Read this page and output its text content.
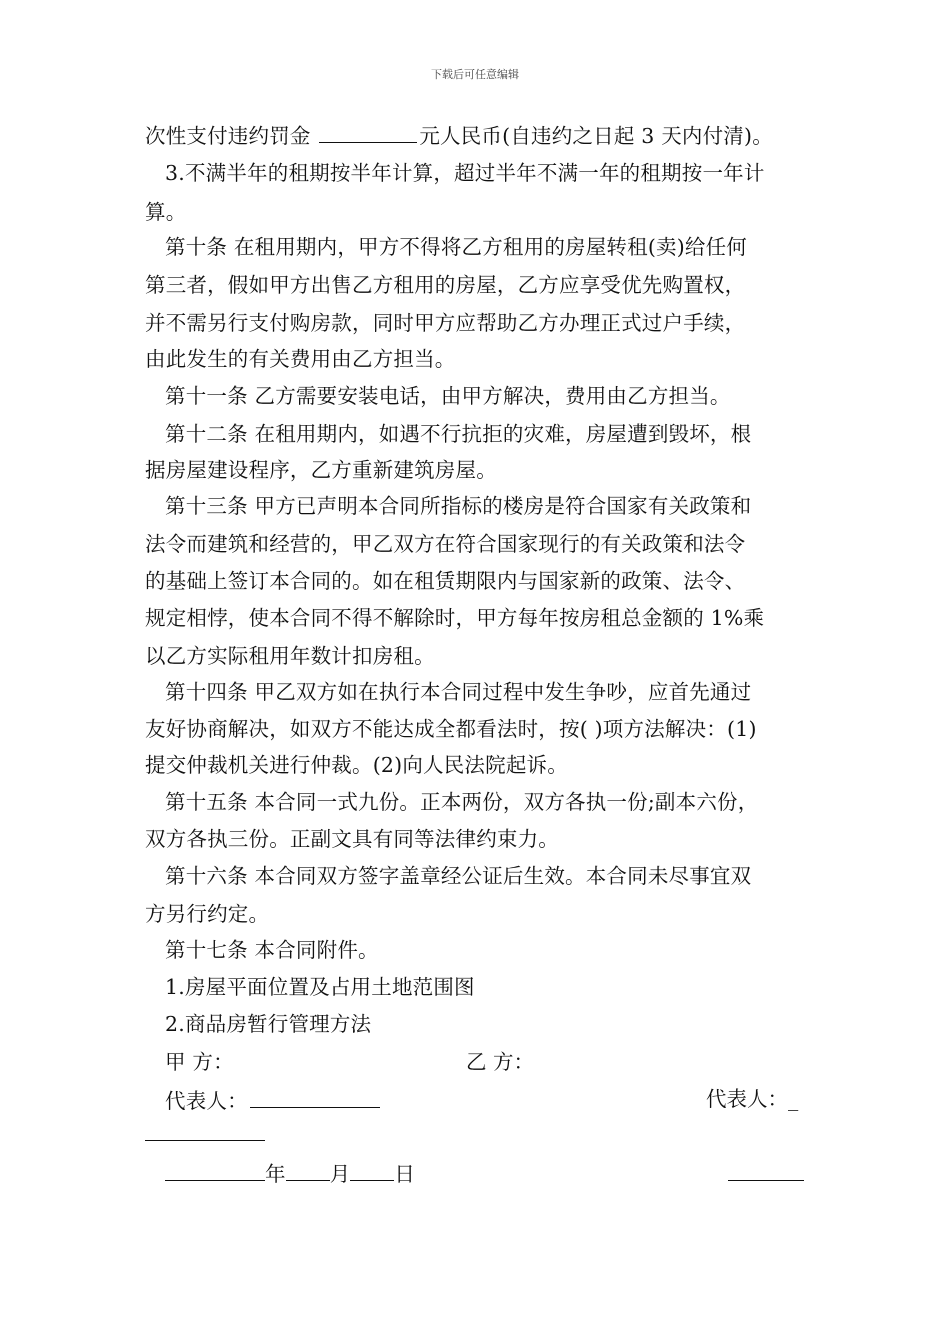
下载后可任意编辑
次性支付违约罚金	元人民币(自违约之日起 3 天内付清)。
3.不满半年的租期按半年计算，超过半年不满一年的租期按一年计
算。
第十条 在租用期内，甲方不得将乙方租用的房屋转租(卖)给任何
第三者，假如甲方出售乙方租用的房屋，乙方应享受优先购置权，
并不需另行支付购房款，同时甲方应帮助乙方办理正式过户手续，
由此发生的有关费用由乙方担当。
第十一条 乙方需要安装电话，由甲方解决，费用由乙方担当。
第十二条 在租用期内，如遇不行抗拒的灾难，房屋遭到毁坏，根
据房屋建设程序，乙方重新建筑房屋。
第十三条 甲方已声明本合同所指标的楼房是符合国家有关政策和
法令而建筑和经营的，甲乙双方在符合国家现行的有关政策和法令
的基础上签订本合同的。如在租赁期限内与国家新的政策、法令、
规定相悖，使本合同不得不解除时，甲方每年按房租总金额的 1%乘
以乙方实际租用年数计扣房租。
第十四条 甲乙双方如在执行本合同过程中发生争吵，应首先通过
友好协商解决，如双方不能达成全都看法时，按( )项方法解决：(1)
提交仲裁机关进行仲裁。(2)向人民法院起诉。
第十五条 本合同一式九份。正本两份，双方各执一份;副本六份，
双方各执三份。正副文具有同等法律约束力。
第十六条 本合同双方签字盖章经公证后生效。本合同未尽事宜双
方另行约定。
第十七条 本合同附件。
1.房屋平面位置及占用土地范围图
2.商品房暂行管理方法
甲 方：	乙 方：
代表人：	代表人：_
年 月 日
